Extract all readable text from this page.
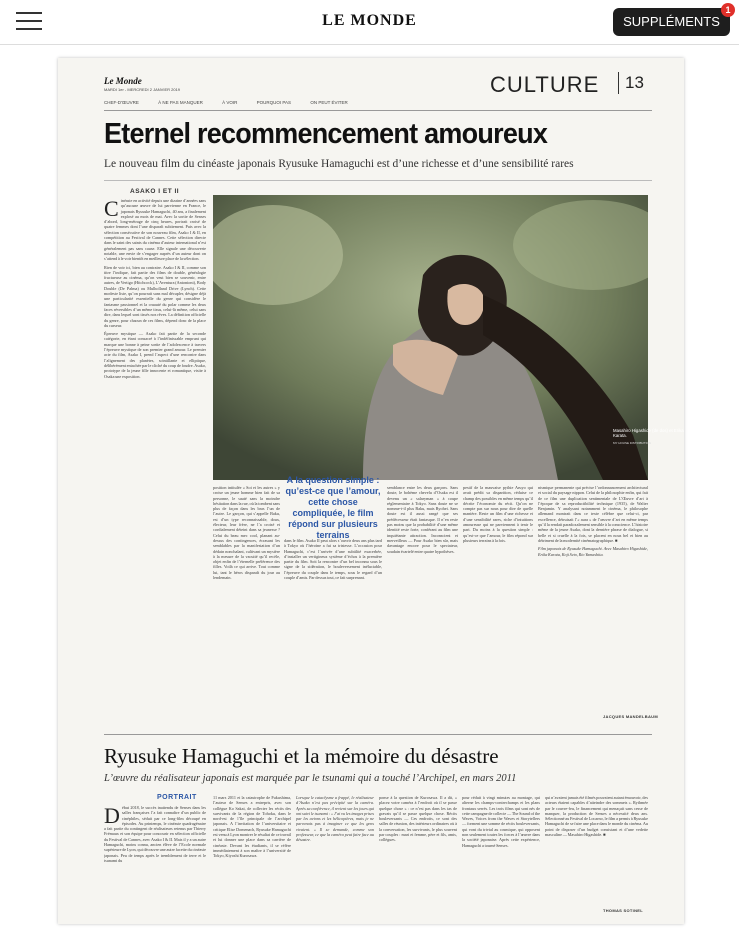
LE MONDE	SUPPLÉMENTS
1
Le Monde
MARDI 1er - MERCREDI 2 JANVIER 2019
CHEF-D'ŒUVRE	À NE PAS MANQUER	À VOIR	POURQUOI PAS	ON PEUT ÉVITER
CULTURE	13
Eternel recommencement amoureux
Le nouveau film du cinéaste japonais Ryusuke Hamaguchi est d’une richesse et d’une sensibilité rares
ASAKO I ET II
C inéaste en activité depuis une dizaine d’années sans qu’aucune œuvre de lui parvienne en France, le japonais Ryusuke Hamaguchi, 40 ans, a finalement explosé au mois de mai. Avec la sortie de Senses d’abord, long-métrage de cinq heures, portrait croisé de quatre femmes dont l’une disparaît subitement. Puis avec la sélection consécutive de son nouveau film, Asako I & II, en compétition au Festival de Cannes. Cette sélection directe dans le saint des saints du cinéma d’auteur international n’est généralement pas sans cause. Elle signale une découverte notable, une envie de s’engager auprès d’un auteur dont on s’attend à le voir bientôt en meilleure place de la sélection.

Rien de voir ici, bien au contraire. Asako I & II, comme son titre l’indique, fait partie des films de double, généalogie fructueuse au cinéma, qu’on veut bien se souvenir, entre autres, de Vertigo (Hitchcock), L’Aventura (Antonioni), Body Double (De Palma) ou Mulholland Drive (Lynch). Cette modeste liste, qu’on pourrait sans mal décupler, désigne déjà une particularité essentielle du genre qui considère le fantasme passionnel et la cruauté du polar comme les deux faces réversibles d’un même tissu, celui-là même, celui sans dire, dans lequel sont tissés nos rêves. La définition officielle du genre, pour chacun de ces films, dépend donc de la place du curseur.

Épreuve mystique — Asako fait partie de la seconde catégorie, en étant consacré à l’indéfinissable emprunt qui marque une bonne à peine sortie de l’adolescence à travers l’épreuve mystique de son premier grand amour. Le premier acte du film, Asako I, prend l’aspect d’une rencontre dans l’alignement des planètes, scintillante et elliptique, délibérément entachée par le cliché du coup de foudre. Asako, prototype de la jeune fille innocente et romantique, visite à Osaka une exposition.

Masahiro Higashide (de dos) et Erika Karata.
MY HOUSE DISTRIBUTION

position intitulée « Soi et les autres » y croise un jeune homme bien fait de sa personne, le sauté sans la moindre hésitation dans la rue, où la tombent sans plus de façon dans les bras l’un de l’autre. Le garçon, qui s’appelle Baku, est d’un type reconnaissable, doux, électeur, leur frère, ne l’a croisé et cordialement déteint dans sa jeunesse ? Celui du beau mec cool, planant au-dessus des contingences, écrasant les semblables par la manifestation d’un dédain nonchalant, cultivant un mystère à la mesure de la vacuité qu’il recèle, objet enfin de l’éternelle préférence des filles. Voilà ce qui arrive. Tout comme lui, tant le héros disparaît du jour au lendemain.

A la question simple : qu’est-ce que l’amour, cette chose compliquée, le film répond sur plusieurs terrains

dans le film. Asako II peut alors s’ouvrir deux ans plus tard à Tokyo où l’héroïne a fui sa tristesse. L’occasion pour Hamaguchi, c’est l’arrivée d’une subtilité exacerbée, d’installer un vertigineux système d’échos à la première partie du film. Soit la rencontre d’un bel inconnu sous le signe de la sidération, le bouleversement inéluctable, l’épreuve du couple dans le temps, sous le regard d’un couple d’amis. Par dessus tout, ce fait surprenant.

semblance entre les deux garçons. Sans doute, le bohème chevelu d’Osaka est il devenu un « salaryman » à coupe réglementaire à Tokyo. Sans doute ne se nomme-t-il plus Baku, mais Ryohei. Sans doute est il aussi rangé que ses prédécesseur était fantasque. Il n’en reste pas moins que la probabilité d’une même identité reste forte, conférant au film une inquiétante attraction. Inconscient et merveilleux — Pour Asako bien sûr, mais davantage encore pour le spectateur, soudain écartelé entre quatre hypothèses.

pestif de la mauvaise pythie Aruyo qui avait prédit sa disparition, réduise ce champ des possibles en même temps qu’il décrite l’économie du récit. Qu’on ne compte pas sur nous pour dire de quelle manière. Reste un film d’une richesse et d’une sensibilité rares, riche d’intuitions amoureuse qui ne parviennent à tenir le pari. Du moins à la question simple : qu’est-ce que l’amour, le film répond sur plusieurs terrains à la fois.

nismique permanente qui précise l’ordonnancement architectural et social du paysage nippon. Celui de la philosophie enfin, qui fait de ce film une duplication sentimentale de L’Œuvre d’art à l’époque de sa reproductibilité technique (1935), de Walter Benjamin. Y analysant notamment le cinéma, le philosophe allemand montrait dans ce texte célèbre que celui-ci, par excellence, détruisait l’« aura » de l’œuvre d’art en même temps qu’il la rendait paradoxalement sensible à la conscience. L’histoire même de la jeune Asako, dont la dernière phrase de dialogue, si belle et si cruelle à la fois, se placent en nous bel et bien au détriment de la modernité cinématographique. ■

Film japonais de Ryusuke Hamaguchi. Avec Masahiro Higashide, Erika Karata, Koji Seto, Rio Yamashita.

JACQUES MANDELBAUM
Ryusuke Hamaguchi et la mémoire du désastre
L’œuvre du réalisateur japonais est marquée par le tsunami qui a touché l’Archipel, en mars 2011
PORTRAIT
D ébut 2018, le succès inattendu de Senses dans les salles françaises l’a fait connaître d’un public de cinéphiles, séduit par ce long-film découpé en épisodes. Au printemps, le cinéaste quadragénaire a fait partie du contingent de réalisateurs retenus par Thierry Frémaux et son équipe pour concourir en sélection officielle du Festival de Cannes, avec Asako I & II. Mais il y a un autre Hamaguchi, moins connu, ancien élève de l’Ecole normale supérieure de Lyon, qui découvre une autre facette du cinéaste japonais. Peu de temps après le tremblement de terre et le tsunami du

11 mars 2011 et la catastrophe de Fukushima, l’auteur de Senses a entrepris, avec son collègue Ko Sakai, de collecter les récits des survivants de la région de Tohoku, dans le nord-est de l’île principale de l’archipel japonais. A l’invitation de l’universitaire et critique Elise Domenach, Ryusuke Hamaguchi est venu à Lyon montrer le résultat de ce travail et lui donner une place dans sa carrière de cinéaste. Devant les étudiants, il se réfère immédiatement à son maître à l’université de Tokyo, Kiyoshi Kurosawa.

Lorsque le cataclysme a frappé, le réalisateur d’Asako n’est pas précipité sur la caméra. Après sa conférence, il revient sur les jours qui ont suivi le tsunami : « J’ai vu les images prises par les avions et les hélicoptères, mais je ne parvenais pas à imaginer ce que les gens vivaient. » Il se demande, comme son professeur, ce que la caméra peut faire face au désastre.

ponse à la question de Kurosawa. Il a dit, « placez votre caméra à l’endroit où il se passe quelque chose » : ce n’est pas dans les tas de gravats qu’il se passe quelque chose. Récits bouleversants — Ces endroits, ce sont des salles de réunion, des intérieurs ordinaires où à la conversation, les survivants, le plus souvent par couples : mari et femme, père et fils, amis, collègues.

pour réduit à vingt minutes au montage, qui alterne les champs-contrechamps et les plans frontaux serrés. Les trois films qui sont nés de cette campagne de collecte — The Sound of the Waves, Voices from the Waves et Storytellers — forment une somme de récits bouleversants, qui vont du trivial au cosmique, qui opposent non seulement toutes les forces à l’œuvre dans la société japonaise. Après cette expérience, Hamaguchi a tourné Senses.

qui n’avaient jamais été filmés pouvaient autant émouvoir, des acteurs étaient capables d’atteindre des sommets ». Rythmée par le couvre-feu, le financement qui menaçait sans cesse de manquer, la production de Senses a nécessité deux ans. Sélectionné au Festival de Locarno, le film a permis à Ryusuke Hamaguchi de se faire une place dans le monde du cinéma. Au point de disposer d’un budget consistant et d’une vedette masculine — Masahiro Higashide. ■

THOMAS SOTINEL
